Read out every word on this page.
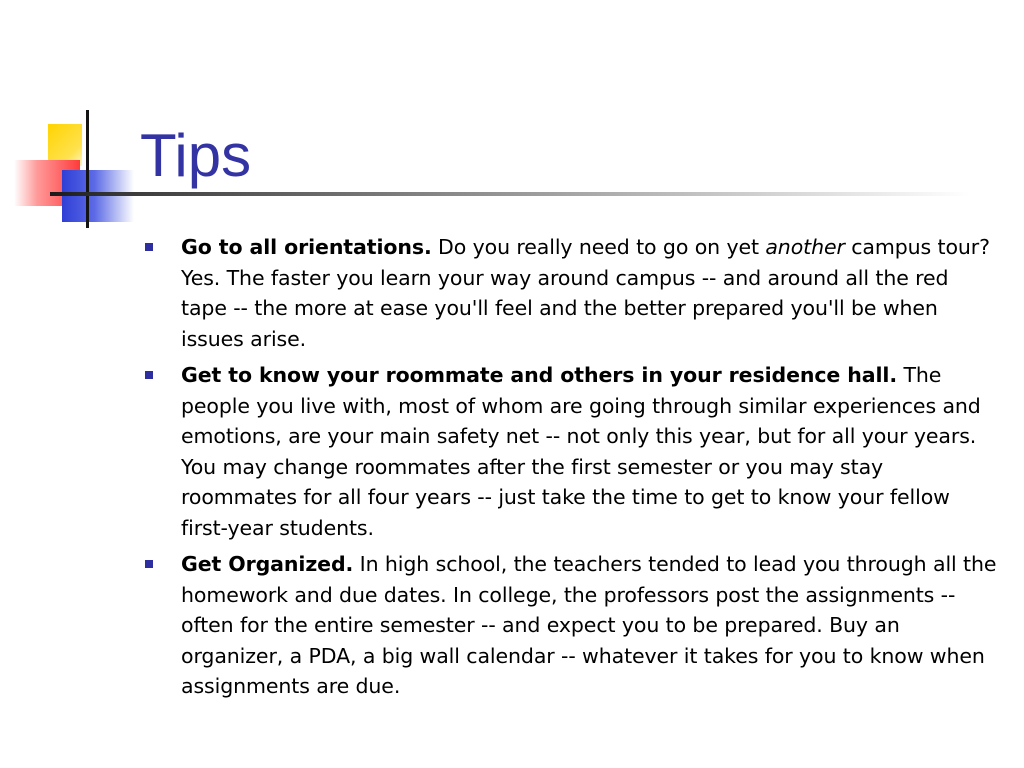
Tips
Go to all orientations. Do you really need to go on yet another campus tour? Yes. The faster you learn your way around campus -- and around all the red tape -- the more at ease you'll feel and the better prepared you'll be when issues arise.
Get to know your roommate and others in your residence hall. The people you live with, most of whom are going through similar experiences and emotions, are your main safety net -- not only this year, but for all your years. You may change roommates after the first semester or you may stay roommates for all four years -- just take the time to get to know your fellow first-year students.
Get Organized. In high school, the teachers tended to lead you through all the homework and due dates. In college, the professors post the assignments -- often for the entire semester -- and expect you to be prepared. Buy an organizer, a PDA, a big wall calendar -- whatever it takes for you to know when assignments are due.
